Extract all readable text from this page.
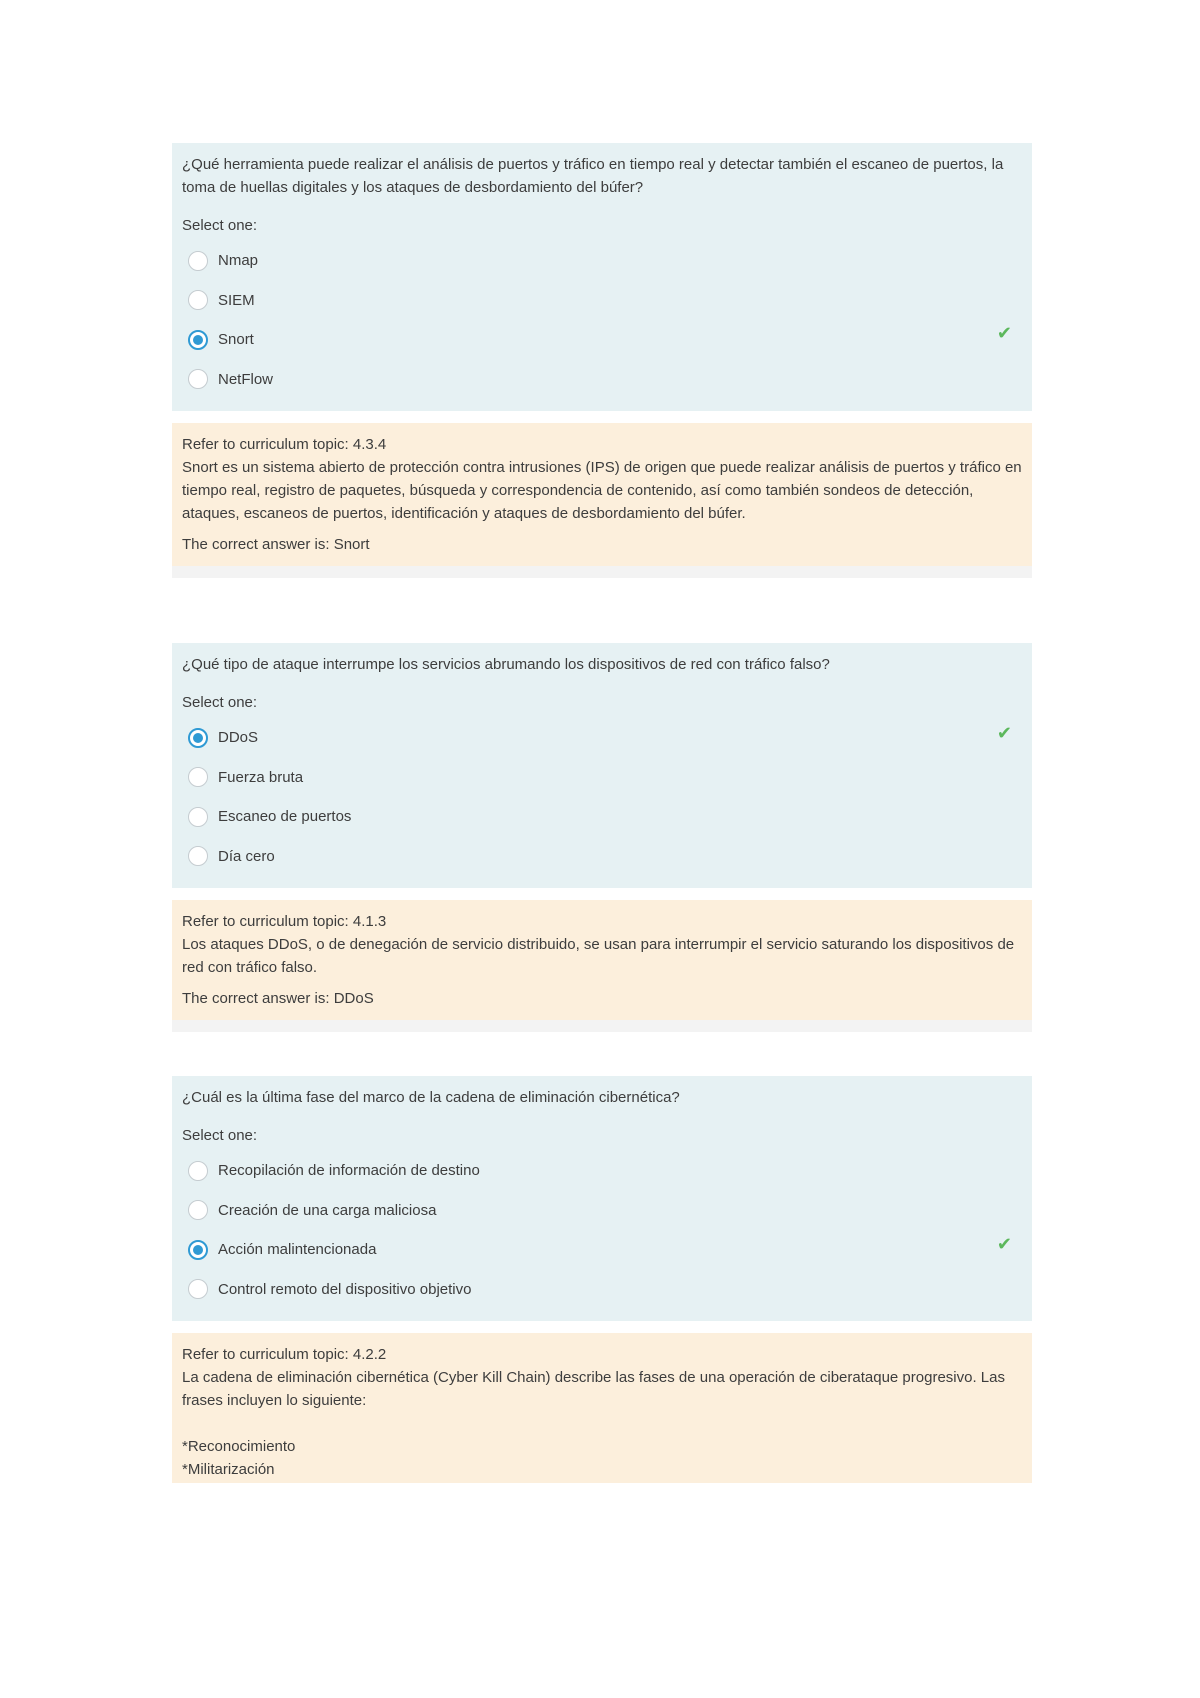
¿Qué herramienta puede realizar el análisis de puertos y tráfico en tiempo real y detectar también el escaneo de puertos, la toma de huellas digitales y los ataques de desbordamiento del búfer?

Select one:

Nmap
SIEM
Snort
NetFlow
✔

Refer to curriculum topic: 4.3.4

Snort es un sistema abierto de protección contra intrusiones (IPS) de origen que puede realizar análisis de puertos y tráfico en tiempo real, registro de paquetes, búsqueda y correspondencia de contenido, así como también sondeos de detección, ataques, escaneos de puertos, identificación y ataques de desbordamiento del búfer.

The correct answer is: Snort

¿Qué tipo de ataque interrumpe los servicios abrumando los dispositivos de red con tráfico falso?

Select one:

DDoS
Fuerza bruta
Escaneo de puertos
Día cero
✔

Refer to curriculum topic: 4.1.3

Los ataques DDoS, o de denegación de servicio distribuido, se usan para interrumpir el servicio saturando los dispositivos de red con tráfico falso.

The correct answer is: DDoS

¿Cuál es la última fase del marco de la cadena de eliminación cibernética?

Select one:

Recopilación de información de destino
Creación de una carga maliciosa
Acción malintencionada
Control remoto del dispositivo objetivo
✔

Refer to curriculum topic: 4.2.2

La cadena de eliminación cibernética (Cyber Kill Chain) describe las fases de una operación de ciberataque progresivo. Las frases incluyen lo siguiente:

*Reconocimiento

*Militarización
